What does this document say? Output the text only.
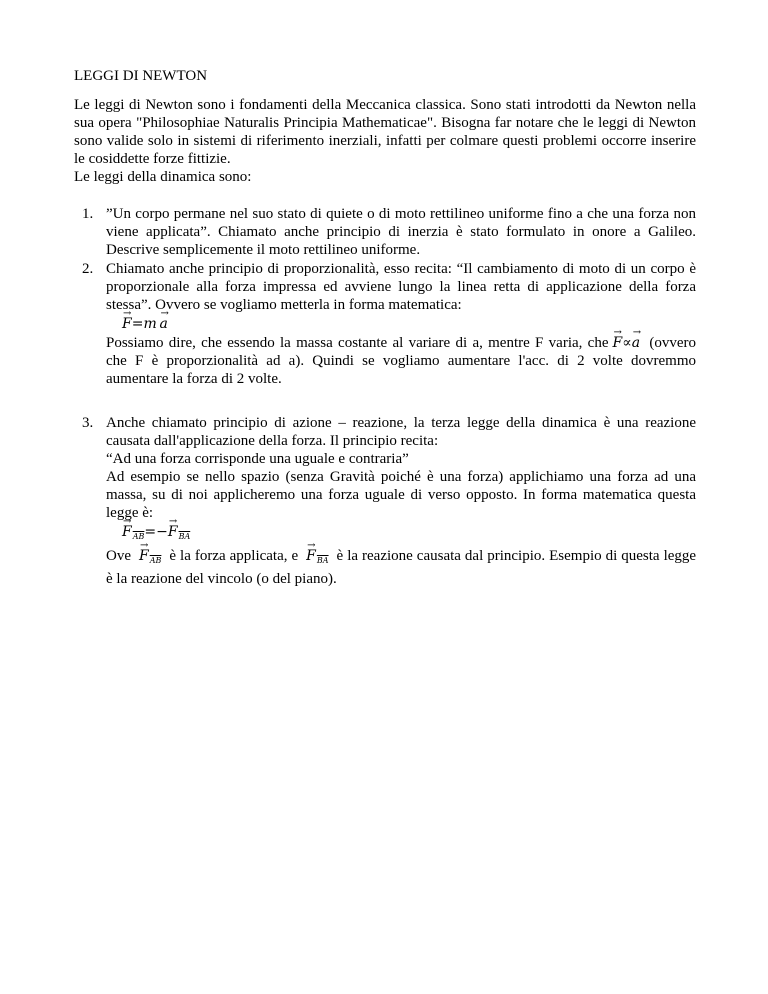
LEGGI DI NEWTON

Le leggi di Newton sono i fondamenti della Meccanica classica. Sono stati introdotti da Newton nella sua opera "Philosophiae Naturalis Principia Mathematicae". Bisogna far notare che le leggi di Newton sono valide solo in sistemi di riferimento inerziali, infatti per colmare questi problemi occorre inserire le cosiddette forze fittizie.

Le leggi della dinamica sono:
1. ”Un corpo permane nel suo stato di quiete o di moto rettilineo uniforme fino a che una forza non viene applicata”. Chiamato anche principio di inerzia è stato formulato in onore a Galileo. Descrive semplicemente il moto rettilineo uniforme.

2. Chiamato anche principio di proporzionalità, esso recita: “Il cambiamento di moto di un corpo è proporzionale alla forza impressa ed avviene lungo la linea retta di applicazione della forza stessa”. Ovvero se vogliamo metterla in forma matematica:

→ F=m  → a

Possiamo dire, che essendo la massa costante al variare di a, mentre F varia, che → F∝→ a (ovvero che F è proporzionalità ad a). Quindi se vogliamo aumentare l'acc. di 2 volte dovremmo aumentare la forza di 2 volte.

3. Anche chiamato principio di azione – reazione, la terza legge della dinamica è una reazione causata dall'applicazione della forza. Il principio recita:

“Ad una forza corrisponde una uguale e contraria”

Ad esempio se nello spazio (senza Gravità poiché è una forza) applichiamo una forza ad una massa, su di noi applicheremo una forza uguale di verso opposto. In forma matematica questa legge è:

→ $F_{\overline{AB}}=-\to F_{\overline{BA}}$

Ove → $F_{\overline{AB}}$ è la forza applicata, $e \to F_{\overline{BA}}$ è la reazione causata dal principio. Esempio di questa legge è la reazione del vincolo (o del piano).
